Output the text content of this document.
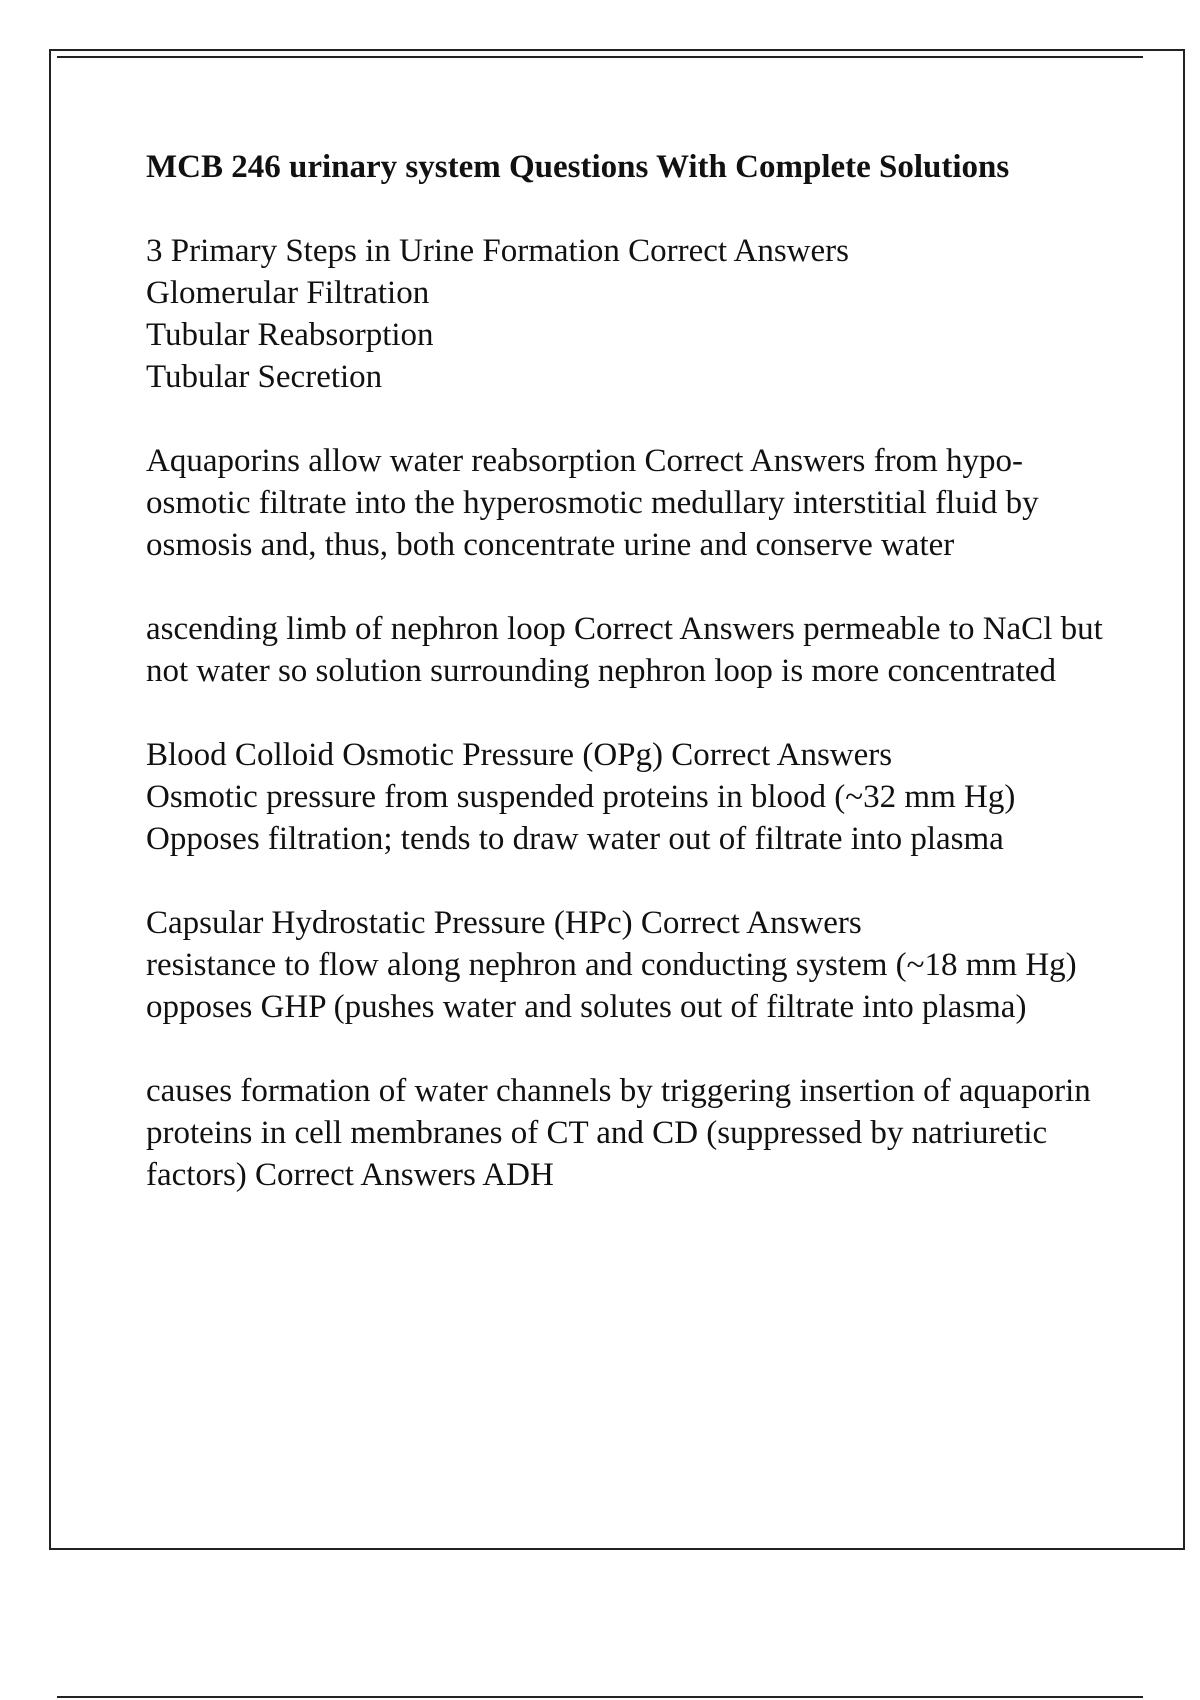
MCB 246 urinary system Questions With Complete Solutions
3 Primary Steps in Urine Formation Correct Answers
Glomerular Filtration
Tubular Reabsorption
Tubular Secretion
Aquaporins allow water reabsorption Correct Answers from hypo-osmotic filtrate into the hyperosmotic medullary interstitial fluid by osmosis and, thus, both concentrate urine and conserve water
ascending limb of nephron loop Correct Answers permeable to NaCl but not water so solution surrounding nephron loop is more concentrated
Blood Colloid Osmotic Pressure (OPg) Correct Answers
Osmotic pressure from suspended proteins in blood (~32 mm Hg)
Opposes filtration; tends to draw water out of filtrate into plasma
Capsular Hydrostatic Pressure (HPc) Correct Answers
resistance to flow along nephron and conducting system (~18 mm Hg)
opposes GHP (pushes water and solutes out of filtrate into plasma)
causes formation of water channels by triggering insertion of aquaporin proteins in cell membranes of CT and CD (suppressed by natriuretic factors) Correct Answers ADH
